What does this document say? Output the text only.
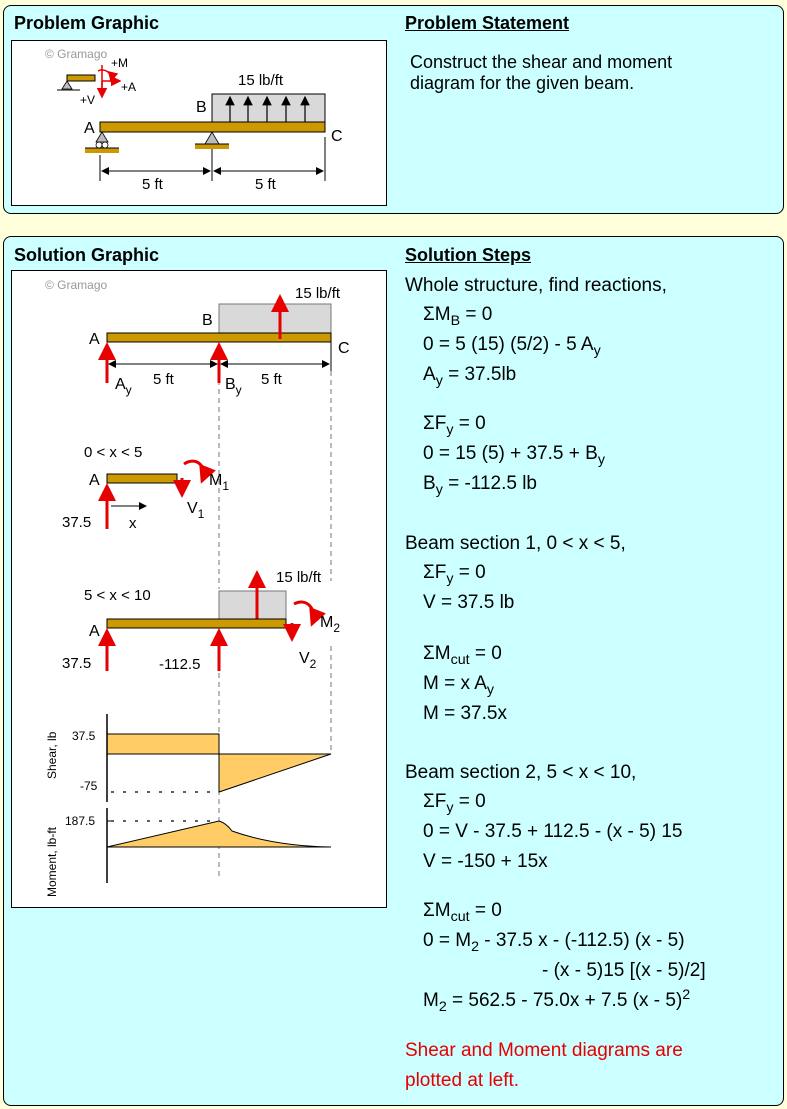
Problem Graphic	Problem Statement
Construct the shear and moment
diagram for the given beam.
© Gramago
+M
+A
+V
15 lb/ft
A
B
C
5 ft	5 ft
Solution Graphic	Solution Steps
© Gramago	15 lb/ft
A
B
C
$A_y$	$B_y$
5 ft	5 ft
0 < x < 5
A
x
37.5
$M_1$
$V_1$
5 < x < 10
15 lb/ft
A
37.5	-112.5
$M_2$
$V_2$
37.5
-75
Shear, lb
187.5
Moment, lb-ft
Whole structure, find reactions,
$\Sigma M_B = 0$
0 = 5 (15) (5/2) - 5 $A_y$
$A_y = 37.5lb$
$\Sigma F_y = 0$
0 = 15 $(5) + 37.5 + B_y$
$B_y = -112.5$ lb
Beam section 1, 0 < x < 5,
$\Sigma F_y = 0$
V = 37.5 lb
$\Sigma M_{cut} = 0$
M = x $A_y$
M = 37.5x
Beam section 2, 5 < x < 10,
$\Sigma F_y = 0$
0 = V - 37.5 + 112.5 - (x - 5) 15
V = -150 + 15x
$\Sigma M_{cut} = 0$
$0 = M_2 - 37.5$ x - (-112.5) (x - 5)
- (x - 5)15 [(x - 5)/2]
$M_2 = 562.5 - 75.0x + 7.5$ (x - 5)$^2$
Shear and Moment diagrams are
plotted at left.
